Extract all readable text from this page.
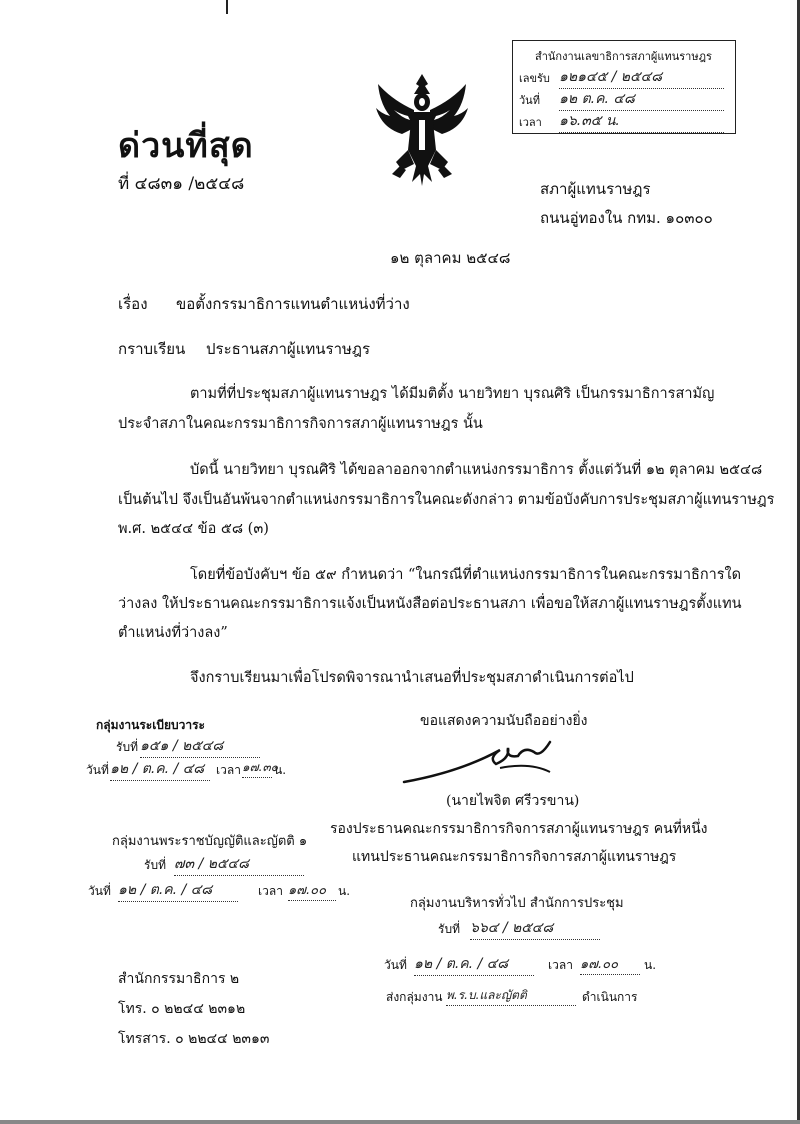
ด่วนที่สุด
ที่ ๔๘๓๑ /๒๕๔๘
สำนักงานเลขาธิการสภาผู้แทนราษฎร
เลขรับ ๑๒๑๔๕ / ๒๕๔๘
วันที่ ๑๒ ต.ค. ๔๘
เวลา ๑๖.๓๕ น.
สภาผู้แทนราษฎร
ถนนอู่ทองใน กทม. ๑๐๓๐๐
๑๒ ตุลาคม ๒๕๔๘
เรื่อง ขอตั้งกรรมาธิการแทนตำแหน่งที่ว่าง
กราบเรียน ประธานสภาผู้แทนราษฎร
ตามที่ที่ประชุมสภาผู้แทนราษฎร ได้มีมติตั้ง นายวิทยา บุรณศิริ เป็นกรรมาธิการสามัญ
ประจำสภาในคณะกรรมาธิการกิจการสภาผู้แทนราษฎร นั้น
บัดนี้ นายวิทยา บุรณศิริ ได้ขอลาออกจากตำแหน่งกรรมาธิการ ตั้งแต่วันที่ ๑๒ ตุลาคม ๒๕๔๘
เป็นต้นไป จึงเป็นอันพ้นจากตำแหน่งกรรมาธิการในคณะดังกล่าว ตามข้อบังคับการประชุมสภาผู้แทนราษฎร
พ.ศ. ๒๕๔๔ ข้อ ๕๘ (๓)
โดยที่ข้อบังคับฯ ข้อ ๕๙ กำหนดว่า “ในกรณีที่ตำแหน่งกรรมาธิการในคณะกรรมาธิการใด
ว่างลง ให้ประธานคณะกรรมาธิการแจ้งเป็นหนังสือต่อประธานสภา เพื่อขอให้สภาผู้แทนราษฎรตั้งแทน
ตำแหน่งที่ว่างลง”
จึงกราบเรียนมาเพื่อโปรดพิจารณานำเสนอที่ประชุมสภาดำเนินการต่อไป
ขอแสดงความนับถืออย่างยิ่ง
(นายไพจิต ศรีวรขาน)
รองประธานคณะกรรมาธิการกิจการสภาผู้แทนราษฎร คนที่หนึ่ง
แทนประธานคณะกรรมาธิการกิจการสภาผู้แทนราษฎร
กลุ่มงานระเบียบวาระ
รับที่ ๑๕๑ / ๒๕๔๘
วันที่ ๑๒ / ต.ค. / ๔๘ เวลา ๑๗.๓๐
น.
กลุ่มงานพระราชบัญญัติและญัตติ ๑
รับที่ ๗๓ / ๒๕๔๘
วันที่ ๑๒ / ต.ค. / ๔๘	เวลา ๑๗.๐๐ น.
กลุ่มงานบริหารทั่วไป สำนักการประชุม
รับที่ ๖๖๔ / ๒๕๔๘
วันที่ ๑๒ / ต.ค. / ๔๘	เวลา ๑๗.๐๐	น.
ส่งกลุ่มงาน พ.ร.บ.และญัตติ	ดำเนินการ
สำนักกรรมาธิการ ๒
โทร. ๐ ๒๒๔๔ ๒๓๑๒
โทรสาร. ๐ ๒๒๔๔ ๒๓๑๓
